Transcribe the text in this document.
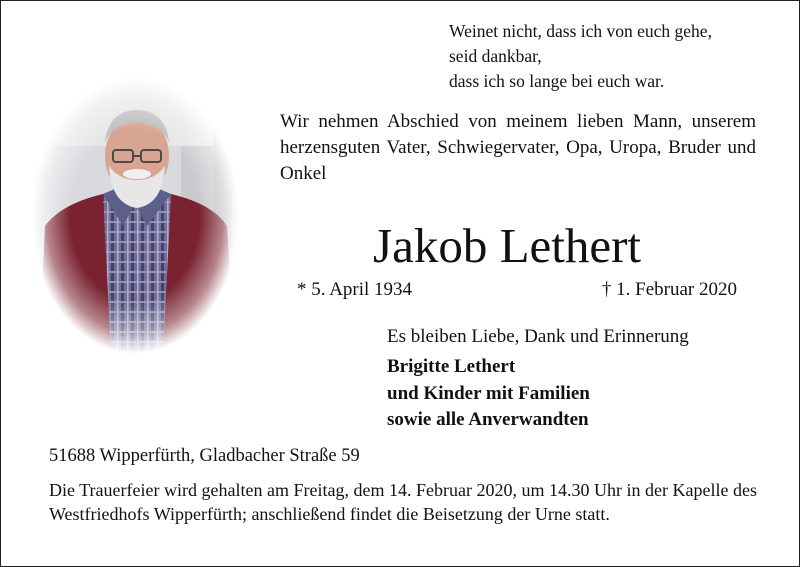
Weinet nicht, dass ich von euch gehe,
seid dankbar,
dass ich so lange bei euch war.
Wir nehmen Abschied von meinem lieben Mann, unserem herzensguten Vater, Schwiegervater, Opa, Uropa, Bruder und Onkel
Jakob Lethert
* 5. April 1934	† 1. Februar 2020
Es bleiben Liebe, Dank und Erinnerung
Brigitte Lethert
und Kinder mit Familien
sowie alle Anverwandten
51688 Wipperfürth, Gladbacher Straße 59
Die Trauerfeier wird gehalten am Freitag, dem 14. Februar 2020, um 14.30 Uhr in der Kapelle des Westfriedhofs Wipperfürth; anschließend findet die Beisetzung der Urne statt.
